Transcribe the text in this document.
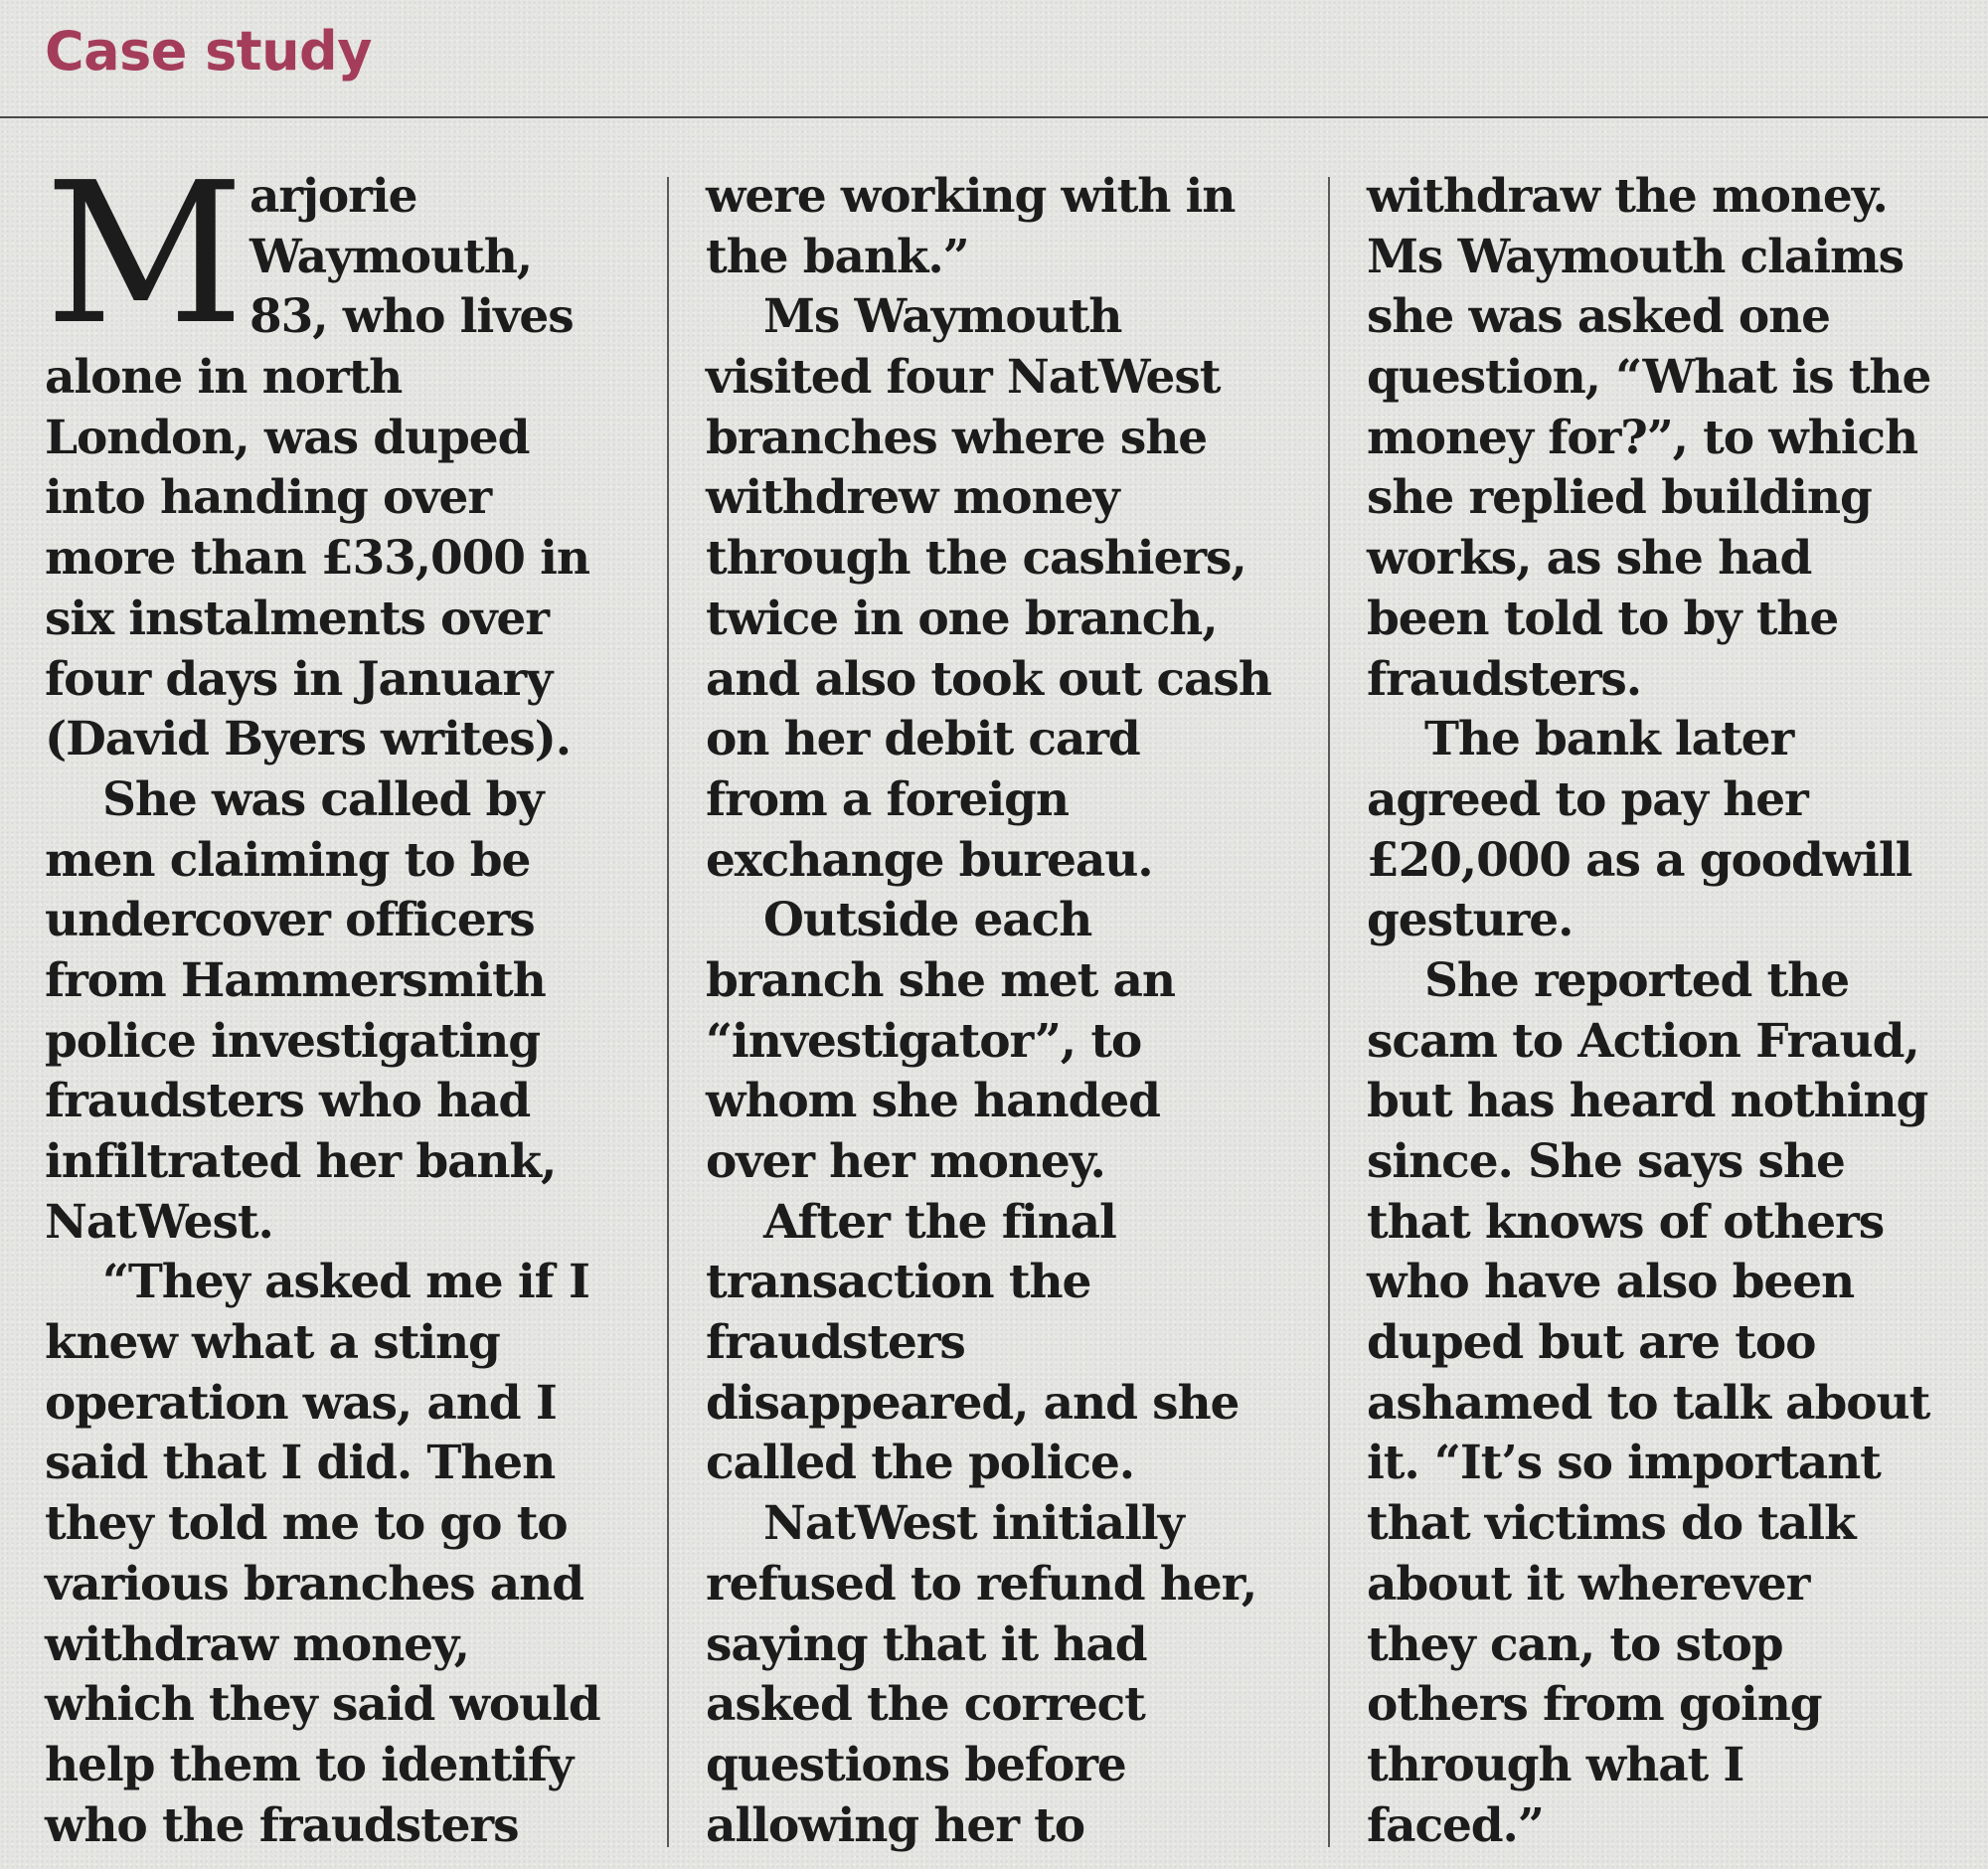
Case study
M arjorie
Waymouth,
83, who lives
alone in north
London, was duped
into handing over
more than £33,000 in
six instalments over
four days in January
(David Byers writes).
She was called by
men claiming to be
undercover officers
from Hammersmith
police investigating
fraudsters who had
infiltrated her bank,
NatWest.
“They asked me if I
knew what a sting
operation was, and I
said that I did. Then
they told me to go to
various branches and
withdraw money,
which they said would
help them to identify
who the fraudsters
were working with in
the bank.”
Ms Waymouth
visited four NatWest
branches where she
withdrew money
through the cashiers,
twice in one branch,
and also took out cash
on her debit card
from a foreign
exchange bureau.
Outside each
branch she met an
“investigator”, to
whom she handed
over her money.
After the final
transaction the
fraudsters
disappeared, and she
called the police.
NatWest initially
refused to refund her,
saying that it had
asked the correct
questions before
allowing her to
withdraw the money.
Ms Waymouth claims
she was asked one
question, “What is the
money for?”, to which
she replied building
works, as she had
been told to by the
fraudsters.
The bank later
agreed to pay her
£20,000 as a goodwill
gesture.
She reported the
scam to Action Fraud,
but has heard nothing
since. She says she
that knows of others
who have also been
duped but are too
ashamed to talk about
it. “It’s so important
that victims do talk
about it wherever
they can, to stop
others from going
through what I
faced.”
